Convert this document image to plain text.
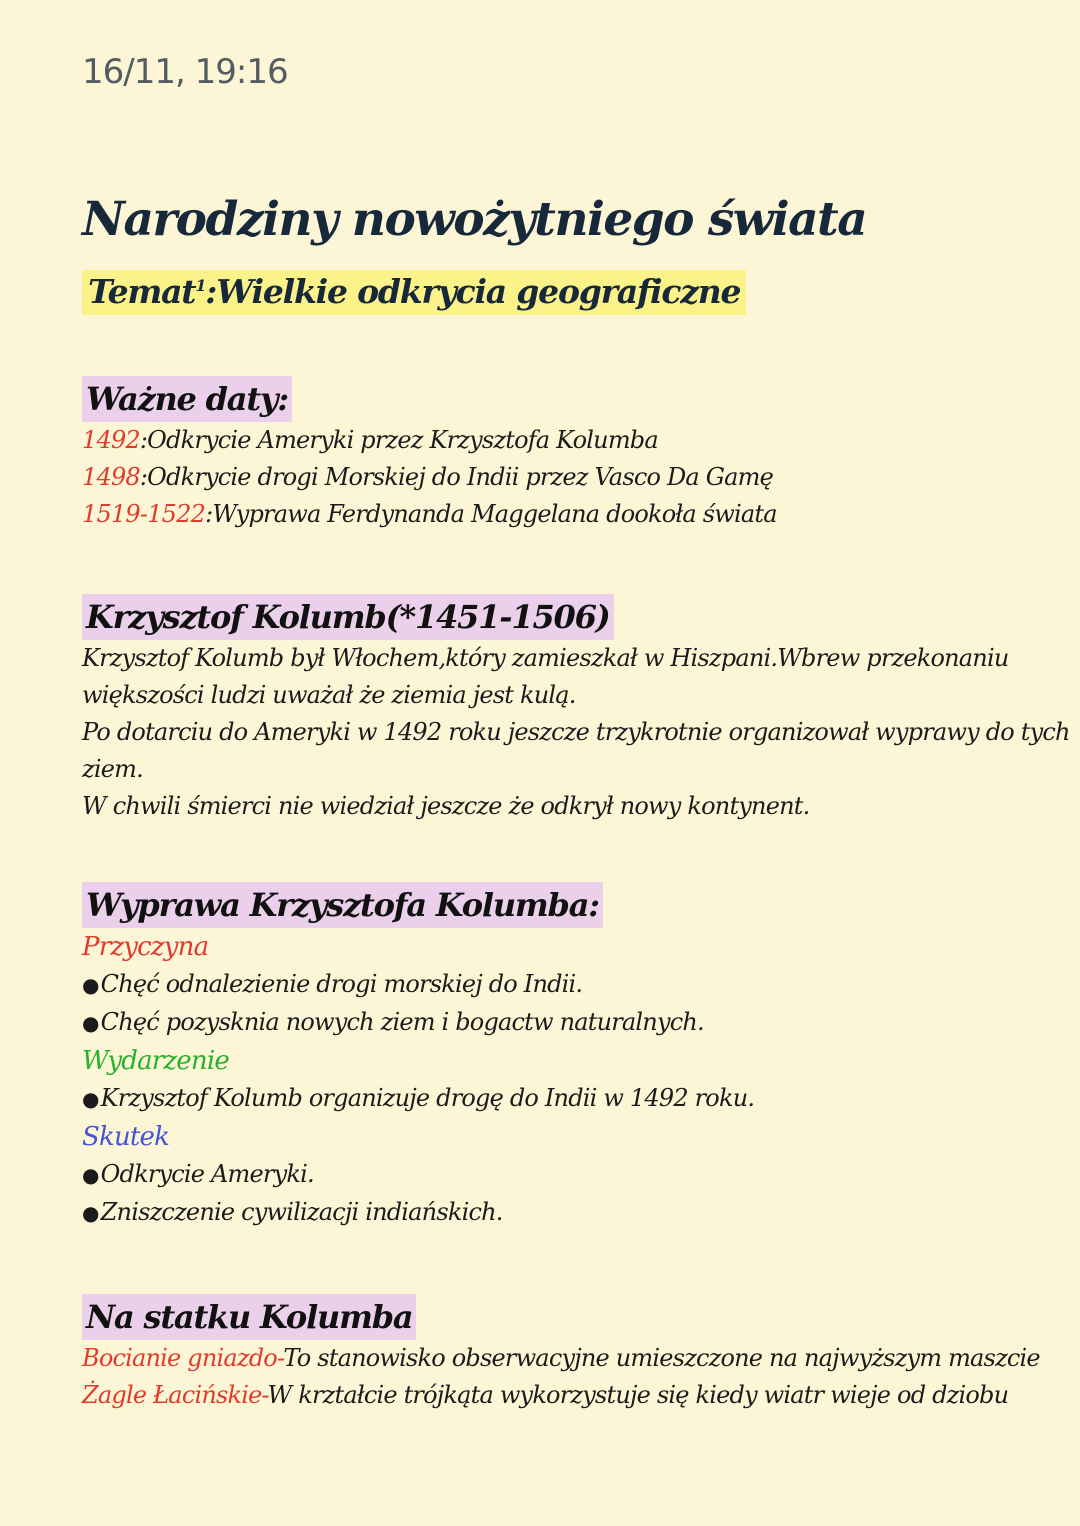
16/11, 19:16
Narodziny nowożytniego świata
Temat$^1$:Wielkie odkrycia geograficzne
Ważne daty:
1492:Odkrycie Ameryki przez Krzysztofa Kolumba
1498:Odkrycie drogi Morskiej do Indii przez Vasco Da Gamę
1519-1522:Wyprawa Ferdynanda Maggelana dookoła świata
Krzysztof Kolumb(*1451-1506)
Krzysztof Kolumb był Włochem,który zamieszkał w Hiszpani.Wbrew przekonaniu
większości ludzi uważał że ziemia jest kulą.
Po dotarciu do Ameryki w 1492 roku jeszcze trzykrotnie organizował wyprawy do tych
ziem.
W chwili śmierci nie wiedział jeszcze że odkrył nowy kontynent.
Wyprawa Krzysztofa Kolumba:
Przyczyna
● Chęć odnalezienie drogi morskiej do Indii.
● Chęć pozysknia nowych ziem i bogactw naturalnych.
Wydarzenie
● Krzysztof Kolumb organizuje drogę do Indii w 1492 roku.
Skutek
● Odkrycie Ameryki.
● Zniszczenie cywilizacji indiańskich.
Na statku Kolumba
Bocianie gniazdo-To stanowisko obserwacyjne umieszczone na najwyższym maszcie
Żagle Łacińskie-W krztałcie trójkąta wykorzystuje się kiedy wiatr wieje od dziobu
